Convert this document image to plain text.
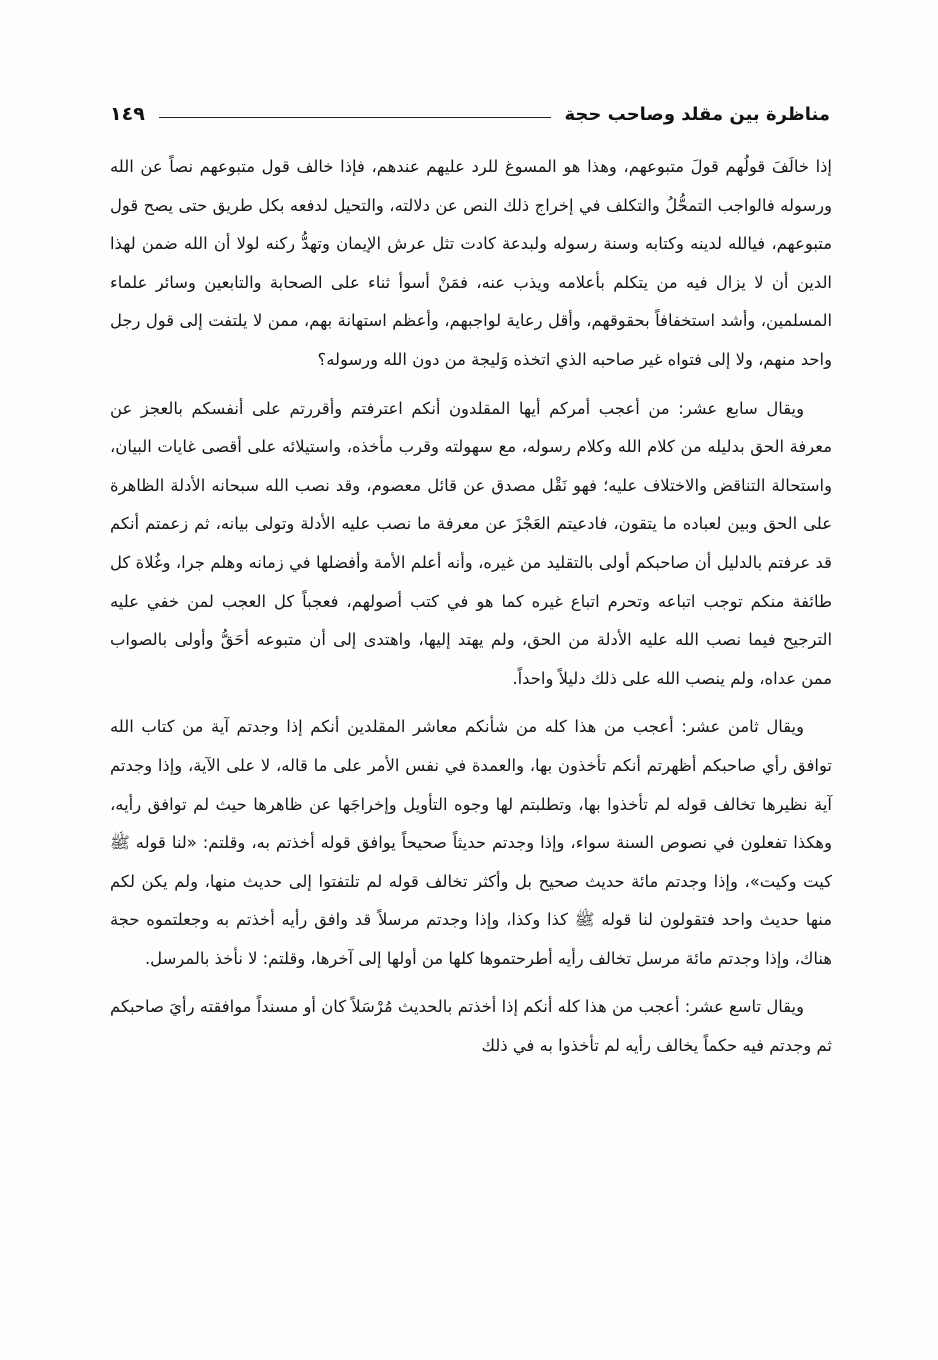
مناظرة بين مقلد وصاحب حجة
١٤٩

إذا خالَفَ قولُهم قولَ متبوعهم، وهذا هو المسوغ للرد عليهم عندهم، فإذا خالف قول متبوعهم نصاً عن الله ورسوله فالواجب التمحُّلُ والتكلف في إخراج ذلك النص عن دلالته، والتحيل لدفعه بكل طريق حتى يصح قول متبوعهم، فيالله لدينه وكتابه وسنة رسوله ولبدعة كادت تثل عرش الإيمان وتهدُّ ركنه لولا أن الله ضمن لهذا الدين أن لا يزال فيه من يتكلم بأعلامه ويذب عنه، فمَنْ أسوأ ثناء على الصحابة والتابعين وسائر علماء المسلمين، وأشد استخفافاً بحقوقهم، وأقل رعاية لواجبهم، وأعظم استهانة بهم، ممن لا يلتفت إلى قول رجل واحد منهم، ولا إلى فتواه غير صاحبه الذي اتخذه وَليجة من دون الله ورسوله؟

ويقال سابع عشر: من أعجب أمركم أيها المقلدون أنكم اعترفتم وأقررتم على أنفسكم بالعجز عن معرفة الحق بدليله من كلام الله وكلام رسوله، مع سهولته وقرب مأخذه، واستيلائه على أقصى غايات البيان، واستحالة التناقض والاختلاف عليه؛ فهو نَقْل مصدق عن قائل معصوم، وقد نصب الله سبحانه الأدلة الظاهرة على الحق وبين لعباده ما يتقون، فادعيتم العَجْزَ عن معرفة ما نصب عليه الأدلة وتولى بيانه، ثم زعمتم أنكم قد عرفتم بالدليل أن صاحبكم أولى بالتقليد من غيره، وأنه أعلم الأمة وأفضلها في زمانه وهلم جرا، وغُلاة كل طائفة منكم توجب اتباعه وتحرم اتباع غيره كما هو في كتب أصولهم، فعجباً كل العجب لمن خفي عليه الترجيح فيما نصب الله عليه الأدلة من الحق، ولم يهتد إليها، واهتدى إلى أن متبوعه أحَقُّ وأولى بالصواب ممن عداه، ولم ينصب الله على ذلك دليلاً واحداً.

ويقال ثامن عشر: أعجب من هذا كله من شأنكم معاشر المقلدين أنكم إذا وجدتم آية من كتاب الله توافق رأي صاحبكم أظهرتم أنكم تأخذون بها، والعمدة في نفس الأمر على ما قاله، لا على الآية، وإذا وجدتم آية نظيرها تخالف قوله لم تأخذوا بها، وتطلبتم لها وجوه التأويل وإخراجَها عن ظاهرها حيث لم توافق رأيه، وهكذا تفعلون في نصوص السنة سواء، وإذا وجدتم حديثاً صحيحاً يوافق قوله أخذتم به، وقلتم: «لنا قوله ﷺ كيت وكيت»، وإذا وجدتم مائة حديث صحيح بل وأكثر تخالف قوله لم تلتفتوا إلى حديث منها، ولم يكن لكم منها حديث واحد فتقولون لنا قوله ﷺ كذا وكذا، وإذا وجدتم مرسلاً قد وافق رأيه أخذتم به وجعلتموه حجة هناك، وإذا وجدتم مائة مرسل تخالف رأيه أطرحتموها كلها من أولها إلى آخرها، وقلتم: لا نأخذ بالمرسل.

ويقال تاسع عشر: أعجب من هذا كله أنكم إذا أخذتم بالحديث مُرْسَلاً كان أو مسنداً موافقته رأيَ صاحبكم ثم وجدتم فيه حكماً يخالف رأيه لم تأخذوا به في ذلك
